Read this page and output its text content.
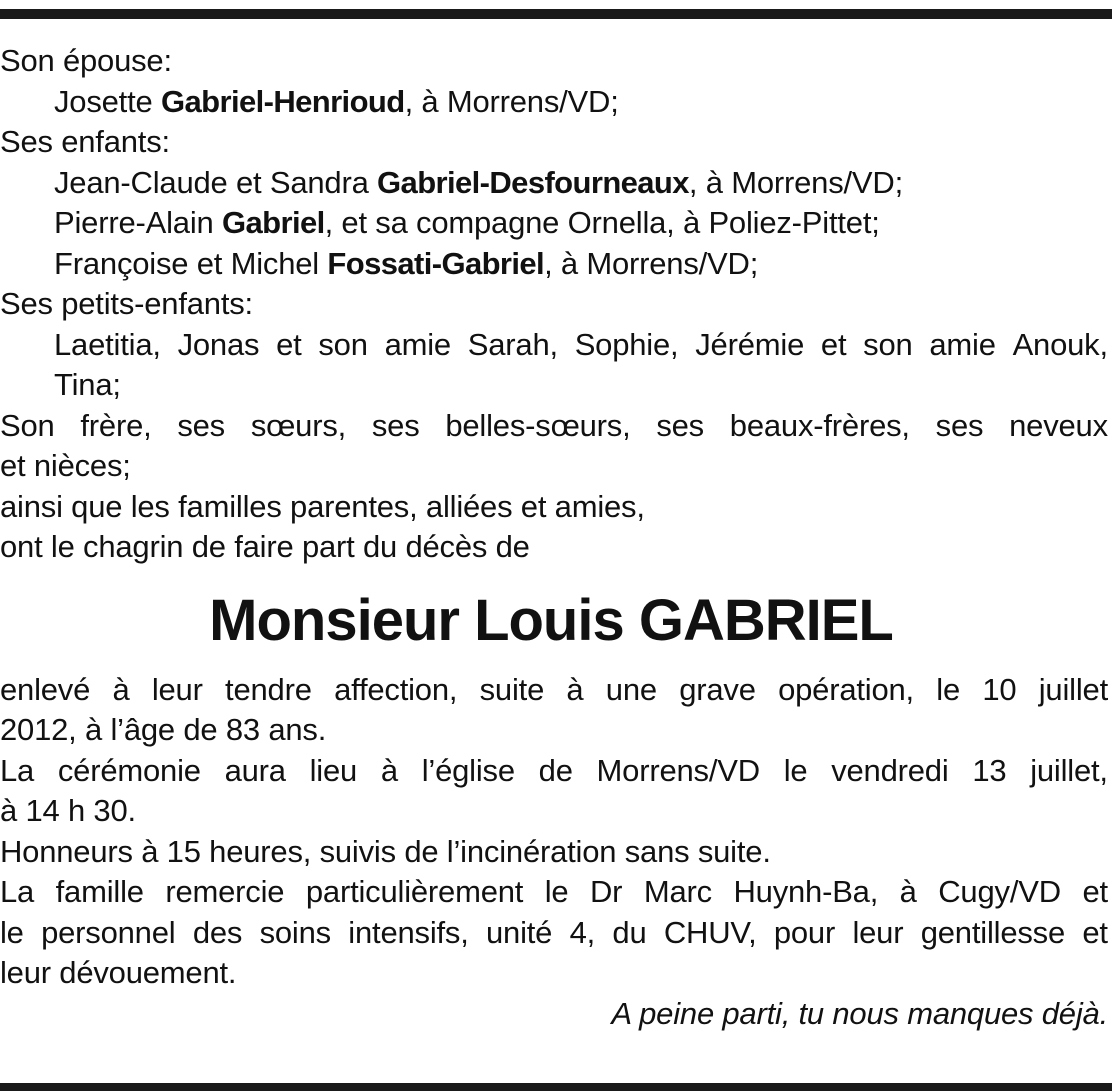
Son épouse:
Josette Gabriel-Henrioud, à Morrens/VD;
Ses enfants:
Jean-Claude et Sandra Gabriel-Desfourneaux, à Morrens/VD;
Pierre-Alain Gabriel, et sa compagne Ornella, à Poliez-Pittet;
Françoise et Michel Fossati-Gabriel, à Morrens/VD;
Ses petits-enfants:
Laetitia, Jonas et son amie Sarah, Sophie, Jérémie et son amie Anouk,
Tina;
Son frère, ses sœurs, ses belles-sœurs, ses beaux-frères, ses neveux
et nièces;
ainsi que les familles parentes, alliées et amies,
ont le chagrin de faire part du décès de
Monsieur Louis GABRIEL
enlevé à leur tendre affection, suite à une grave opération, le 10 juillet
2012, à l’âge de 83 ans.
La cérémonie aura lieu à l’église de Morrens/VD le vendredi 13 juillet,
à 14 h 30.
Honneurs à 15 heures, suivis de l’incinération sans suite.
La famille remercie particulièrement le Dr Marc Huynh-Ba, à Cugy/VD et
le personnel des soins intensifs, unité 4, du CHUV, pour leur gentillesse et
leur dévouement.
A peine parti, tu nous manques déjà.
